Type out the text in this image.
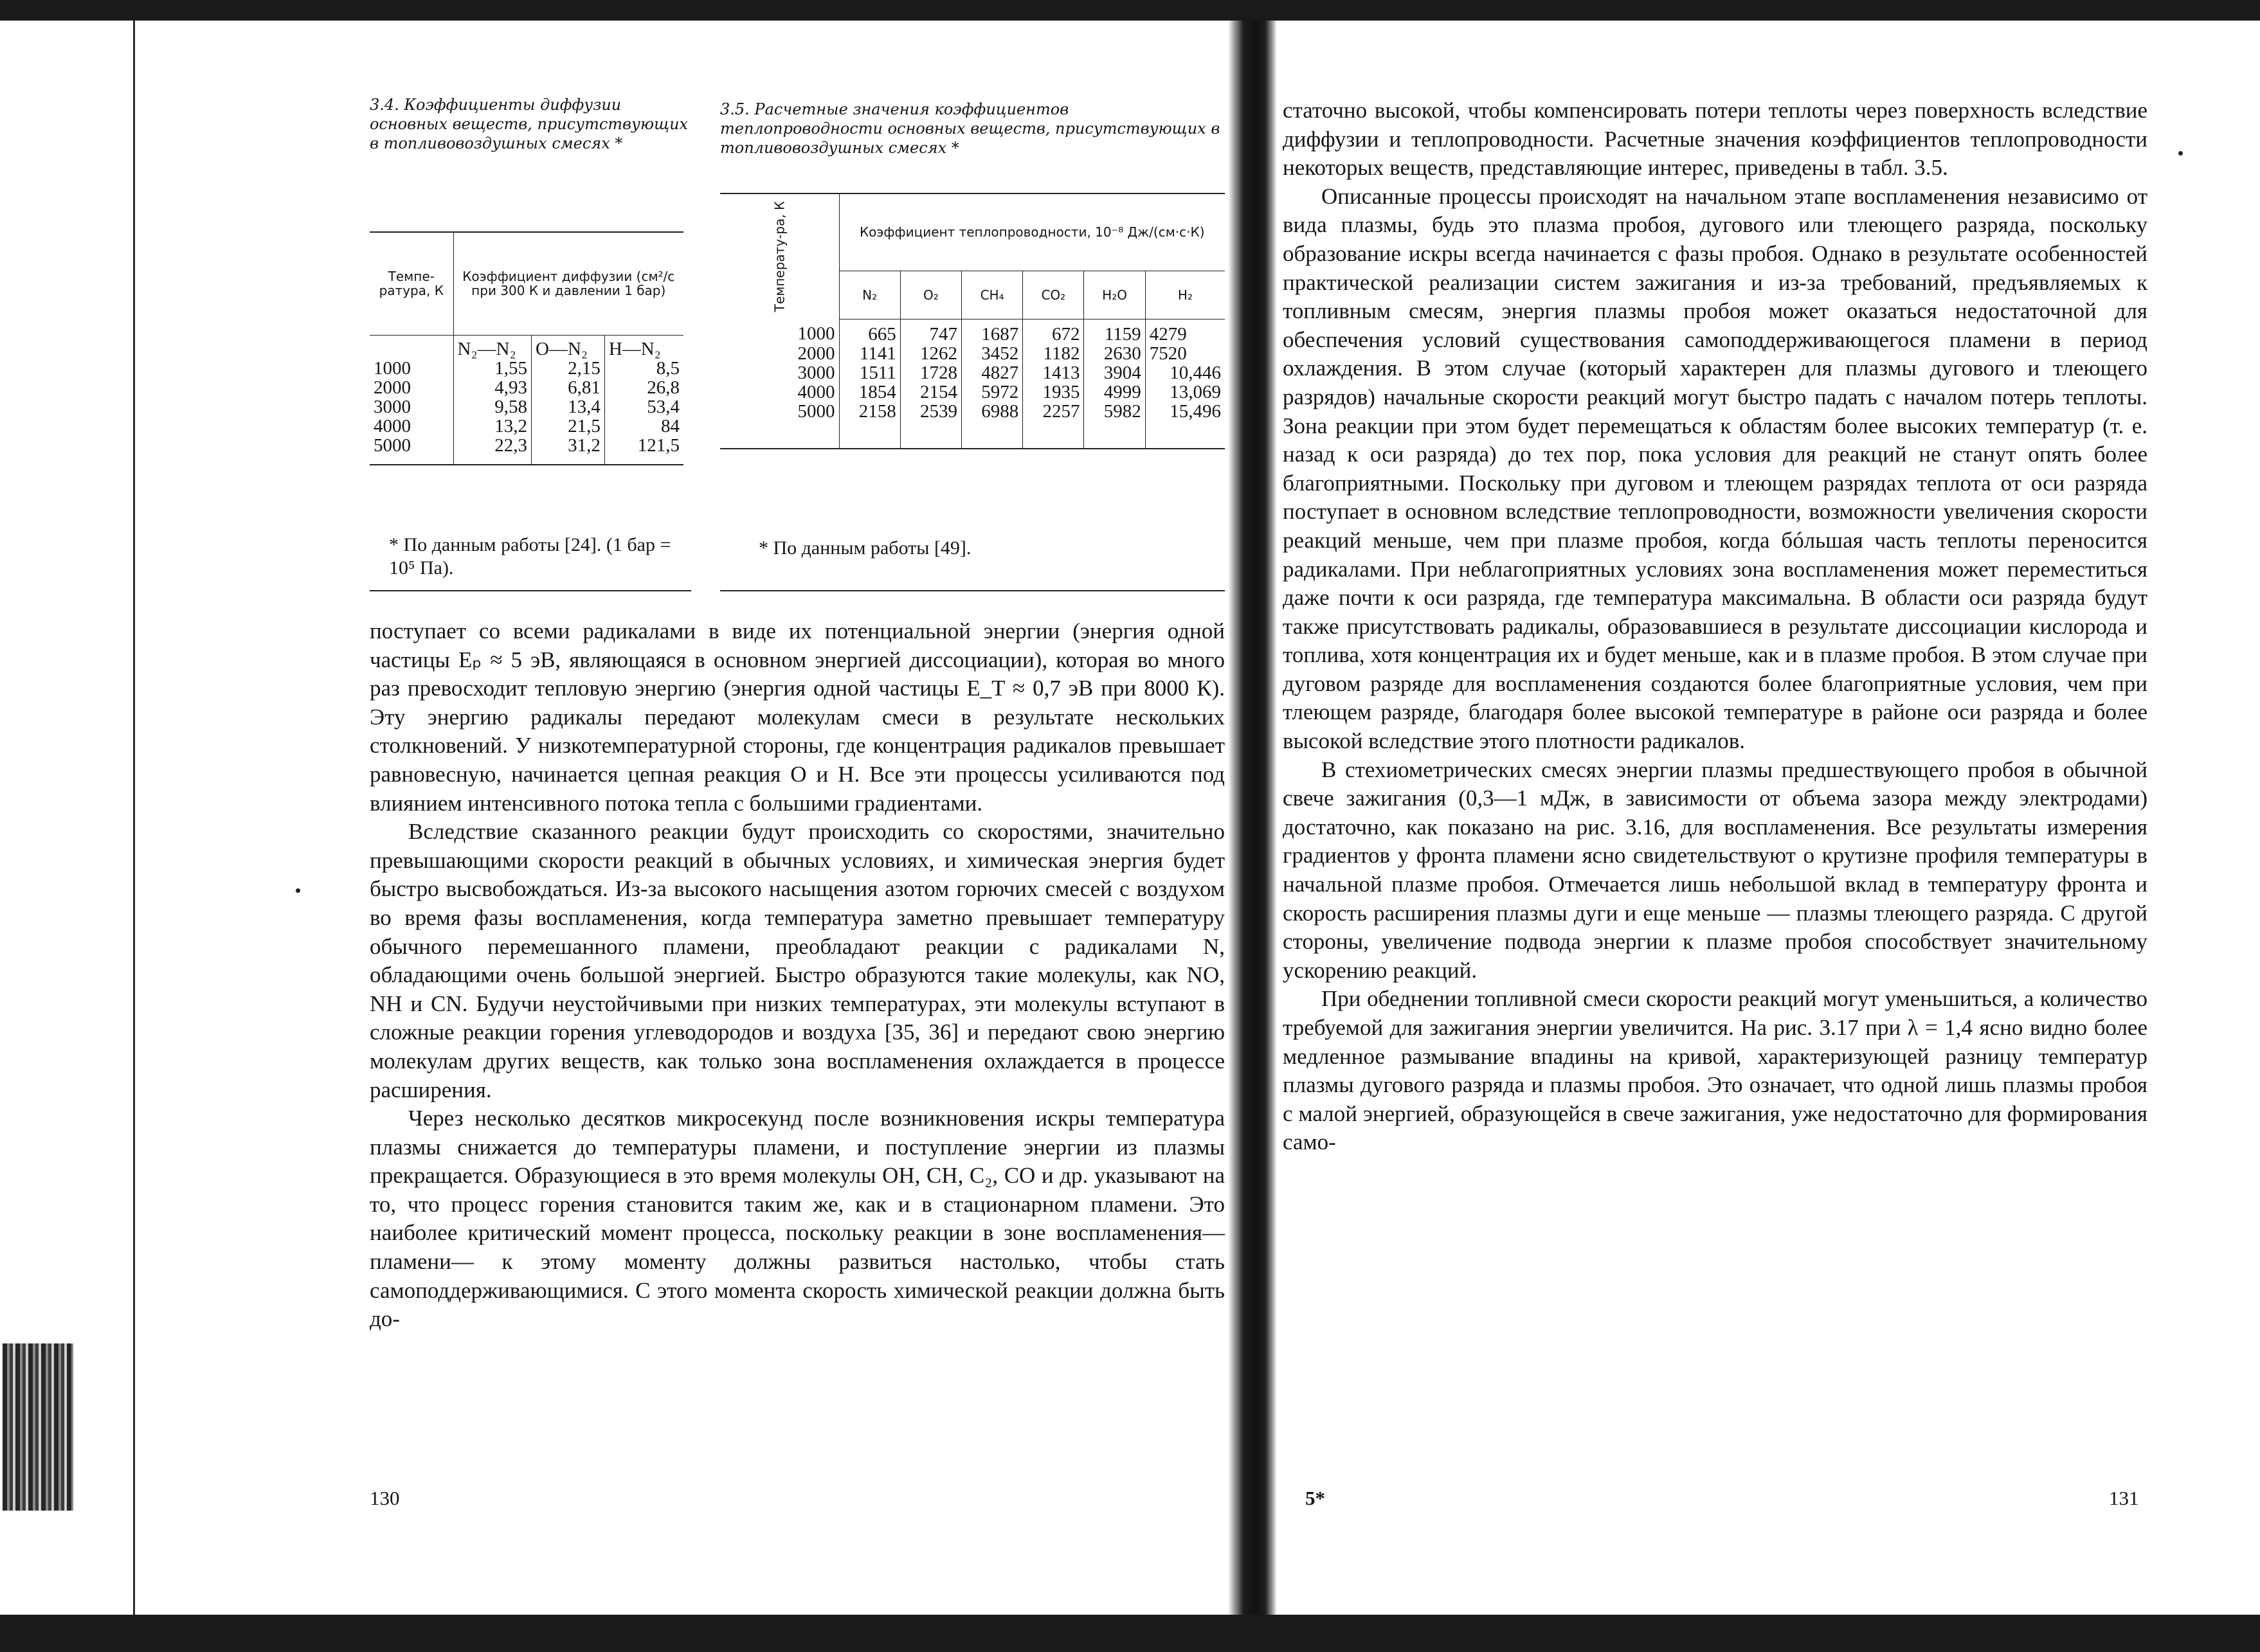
3.4. Коэффициенты диффузии основных веществ, присутствующих в топливовоздушных смесях *
Темпе-ратура, К	Коэффициент диффузии (см²/с при 300 К и давлении 1 бар)		
	N₂—N₂	O—N₂	H—N₂
1000	1,55	2,15	8,5
2000	4,93	6,81	26,8
3000	9,58	13,4	53,4
4000	13,2	21,5	84
5000	22,3	31,2	121,5
* По данным работы [24]. (1 бар = 10⁵ Па).
3.5. Расчетные значения коэффициентов теплопроводности основных веществ, присутствующих в топливовоздушных смесях *
Температу-ра, К	Коэффициент теплопроводности, 10⁻⁸ Дж/(см·с·К)					
	N₂	O₂	CH₄	CO₂	H₂O	H₂
1000	665	747	1687	672	1159	4279
2000	1141	1262	3452	1182	2630	7520
3000	1511	1728	4827	1413	3904	10,446
4000	1854	2154	5972	1935	4999	13,069
5000	2158	2539	6988	2257	5982	15,496
* По данным работы [49].

поступает со всеми радикалами в виде их потенциальной энергии (энергия одной частицы Eₚ ≈ 5 эВ, являющаяся в основном энергией диссоциации), которая во много раз превосходит тепловую энергию (энергия одной частицы E_T ≈ 0,7 эВ при 8000 К). Эту энергию радикалы передают молекулам смеси в результате нескольких столкновений. У низкотемпературной стороны, где концентрация радикалов превышает равновесную, начинается цепная реакция О и Н. Все эти процессы усиливаются под влиянием интенсивного потока тепла с большими градиентами.

Вследствие сказанного реакции будут происходить со скоростями, значительно превышающими скорости реакций в обычных условиях, и химическая энергия будет быстро высвобождаться. Из-за высокого насыщения азотом горючих смесей с воздухом во время фазы воспламенения, когда температура заметно превышает температуру обычного перемешанного пламени, преобладают реакции с радикалами N, обладающими очень большой энергией. Быстро образуются такие молекулы, как NO, NH и CN. Будучи неустойчивыми при низких температурах, эти молекулы вступают в сложные реакции горения углеводородов и воздуха [35, 36] и передают свою энергию молекулам других веществ, как только зона воспламенения охлаждается в процессе расширения.

Через несколько десятков микросекунд после возникновения искры температура плазмы снижается до температуры пламени, и поступление энергии из плазмы прекращается. Образующиеся в это время молекулы OH, CH, C₂, CO и др. указывают на то, что процесс горения становится таким же, как и в стационарном пламени. Это наиболее критический момент процесса, поскольку реакции в зоне воспламенения—пламени— к этому моменту должны развиться настолько, чтобы стать самоподдерживающимися. С этого момента скорость химической реакции должна быть до-

130

статочно высокой, чтобы компенсировать потери теплоты через поверхность вследствие диффузии и теплопроводности. Расчетные значения коэффициентов теплопроводности некоторых веществ, представляющие интерес, приведены в табл. 3.5.

Описанные процессы происходят на начальном этапе воспламенения независимо от вида плазмы, будь это плазма пробоя, дугового или тлеющего разряда, поскольку образование искры всегда начинается с фазы пробоя. Однако в результате особенностей практической реализации систем зажигания и из-за требований, предъявляемых к топливным смесям, энергия плазмы пробоя может оказаться недостаточной для обеспечения условий существования самоподдерживающегося пламени в период охлаждения. В этом случае (который характерен для плазмы дугового и тлеющего разрядов) начальные скорости реакций могут быстро падать с началом потерь теплоты. Зона реакции при этом будет перемещаться к областям более высоких температур (т. е. назад к оси разряда) до тех пор, пока условия для реакций не станут опять более благоприятными. Поскольку при дуговом и тлеющем разрядах теплота от оси разряда поступает в основном вследствие теплопроводности, возможности увеличения скорости реакций меньше, чем при плазме пробоя, когда бóльшая часть теплоты переносится радикалами. При неблагоприятных условиях зона воспламенения может переместиться даже почти к оси разряда, где температура максимальна. В области оси разряда будут также присутствовать радикалы, образовавшиеся в результате диссоциации кислорода и топлива, хотя концентрация их и будет меньше, как и в плазме пробоя. В этом случае при дуговом разряде для воспламенения создаются более благоприятные условия, чем при тлеющем разряде, благодаря более высокой температуре в районе оси разряда и более высокой вследствие этого плотности радикалов.

В стехиометрических смесях энергии плазмы предшествующего пробоя в обычной свече зажигания (0,3—1 мДж, в зависимости от объема зазора между электродами) достаточно, как показано на рис. 3.16, для воспламенения. Все результаты измерения градиентов у фронта пламени ясно свидетельствуют о крутизне профиля температуры в начальной плазме пробоя. Отмечается лишь небольшой вклад в температуру фронта и скорость расширения плазмы дуги и еще меньше — плазмы тлеющего разряда. С другой стороны, увеличение подвода энергии к плазме пробоя способствует значительному ускорению реакций.

При обеднении топливной смеси скорости реакций могут уменьшиться, а количество требуемой для зажигания энергии увеличится. На рис. 3.17 при λ = 1,4 ясно видно более медленное размывание впадины на кривой, характеризующей разницу температур плазмы дугового разряда и плазмы пробоя. Это означает, что одной лишь плазмы пробоя с малой энергией, образующейся в свече зажигания, уже недостаточно для формирования само-

5*	131
